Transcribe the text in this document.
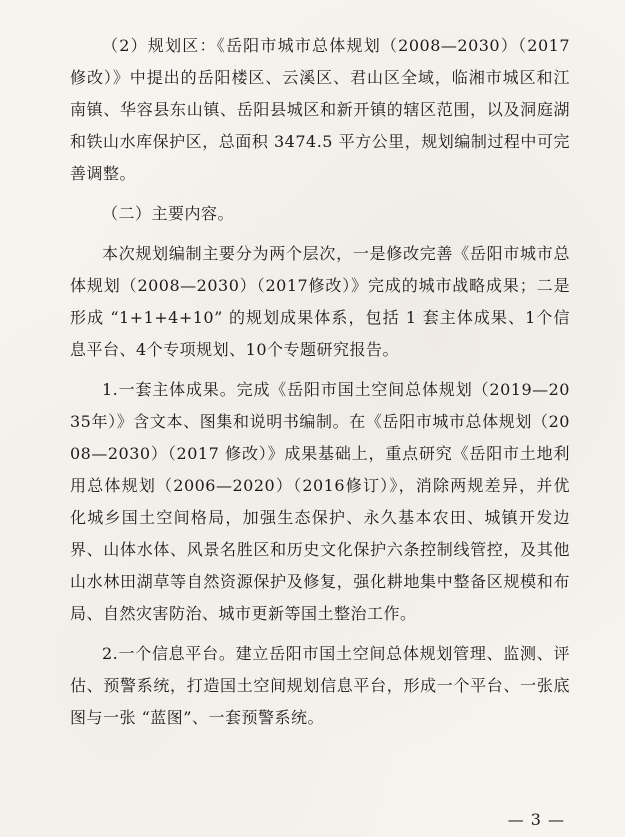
（2）规划区：《岳阳市城市总体规划（2008—2030）（2017修改）》中提出的岳阳楼区、云溪区、君山区全域，临湘市城区和江南镇、华容县东山镇、岳阳县城区和新开镇的辖区范围，以及洞庭湖和铁山水库保护区，总面积 3474.5 平方公里，规划编制过程中可完善调整。

（二）主要内容。

本次规划编制主要分为两个层次，一是修改完善《岳阳市城市总体规划（2008—2030）（2017修改）》完成的城市战略成果；二是形成 “1+1+4+10” 的规划成果体系，包括 1 套主体成果、1个信息平台、4个专项规划、10个专题研究报告。

1.一套主体成果。完成《岳阳市国土空间总体规划（2019—2035年）》含文本、图集和说明书编制。在《岳阳市城市总体规划（2008—2030）（2017 修改）》成果基础上，重点研究《岳阳市土地利用总体规划（2006—2020）（2016修订）》，消除两规差异，并优化城乡国土空间格局，加强生态保护、永久基本农田、城镇开发边界、山体水体、风景名胜区和历史文化保护六条控制线管控，及其他山水林田湖草等自然资源保护及修复，强化耕地集中整备区规模和布局、自然灾害防治、城市更新等国土整治工作。

2.一个信息平台。建立岳阳市国土空间总体规划管理、监测、评估、预警系统，打造国土空间规划信息平台，形成一个平台、一张底图与一张 “蓝图”、一套预警系统。

— 3 —
